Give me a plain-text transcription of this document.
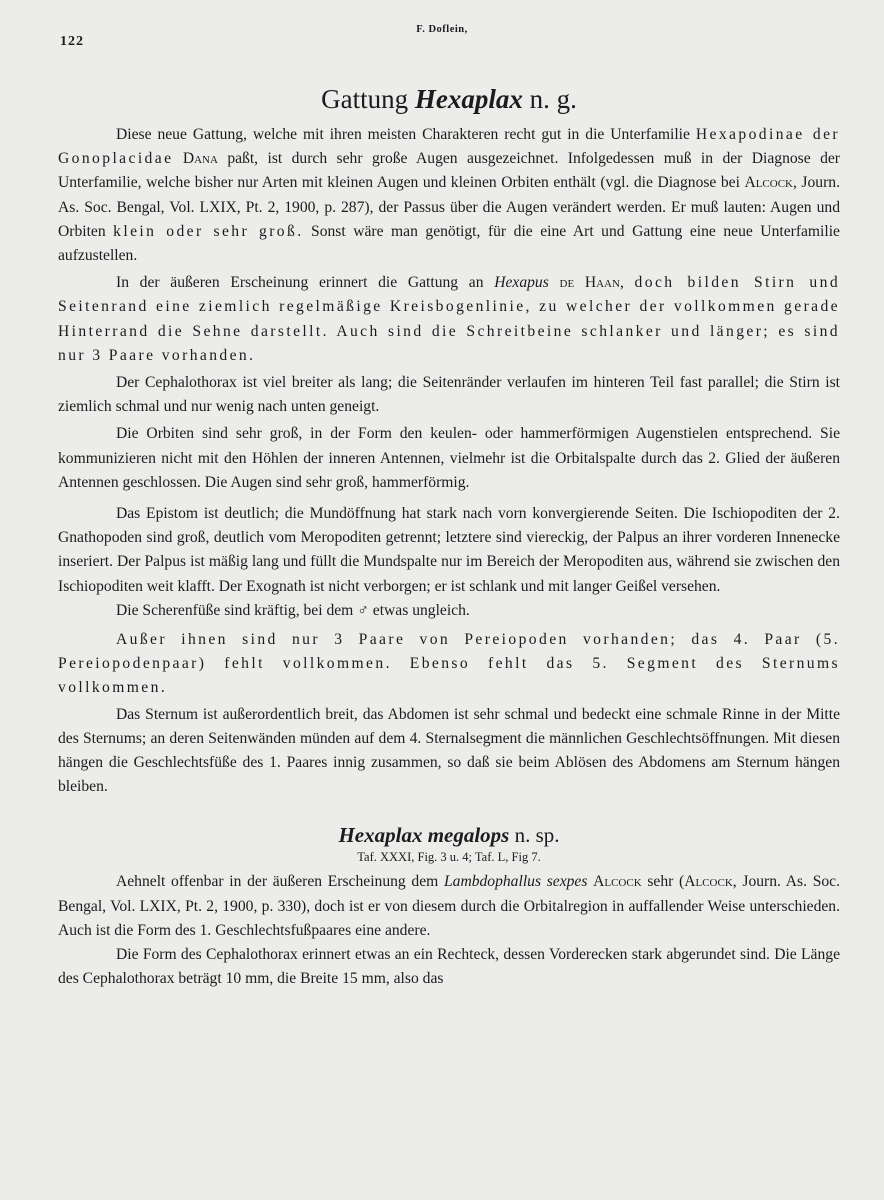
122
F. Doflein,
Gattung Hexaplax n. g.

Diese neue Gattung, welche mit ihren meisten Charakteren recht gut in die Unterfamilie Hexapodinae der Gonoplacidae Dana paßt, ist durch sehr große Augen ausgezeichnet. Infolgedessen muß in der Diagnose der Unterfamilie, welche bisher nur Arten mit kleinen Augen und kleinen Orbiten enthält (vgl. die Diagnose bei Alcock, Journ. As. Soc. Bengal, Vol. LXIX, Pt. 2, 1900, p. 287), der Passus über die Augen verändert werden. Er muß lauten: Augen und Orbiten klein oder sehr groß. Sonst wäre man genötigt, für die eine Art und Gattung eine neue Unterfamilie aufzustellen.

In der äußeren Erscheinung erinnert die Gattung an Hexapus de Haan, doch bilden Stirn und Seitenrand eine ziemlich regelmäßige Kreisbogenlinie, zu welcher der vollkommen gerade Hinterrand die Sehne darstellt. Auch sind die Schreitbeine schlanker und länger; es sind nur 3 Paare vorhanden.

Der Cephalothorax ist viel breiter als lang; die Seitenränder verlaufen im hinteren Teil fast parallel; die Stirn ist ziemlich schmal und nur wenig nach unten geneigt.

Die Orbiten sind sehr groß, in der Form den keulen- oder hammerförmigen Augenstielen entsprechend. Sie kommunizieren nicht mit den Höhlen der inneren Antennen, vielmehr ist die Orbitalspalte durch das 2. Glied der äußeren Antennen geschlossen. Die Augen sind sehr groß, hammerförmig.

Das Epistom ist deutlich; die Mundöffnung hat stark nach vorn konvergierende Seiten. Die Ischiopoditen der 2. Gnathopoden sind groß, deutlich vom Meropoditen getrennt; letztere sind viereckig, der Palpus an ihrer vorderen Innenecke inseriert. Der Palpus ist mäßig lang und füllt die Mundspalte nur im Bereich der Meropoditen aus, während sie zwischen den Ischiopoditen weit klafft. Der Exognath ist nicht verborgen; er ist schlank und mit langer Geißel versehen.

Die Scherenfüße sind kräftig, bei dem ♂ etwas ungleich.

Außer ihnen sind nur 3 Paare von Pereiopoden vorhanden; das 4. Paar (5. Pereiopodenpaar) fehlt vollkommen. Ebenso fehlt das 5. Segment des Sternums vollkommen.

Das Sternum ist außerordentlich breit, das Abdomen ist sehr schmal und bedeckt eine schmale Rinne in der Mitte des Sternums; an deren Seitenwänden münden auf dem 4. Sternalsegment die männlichen Geschlechtsöffnungen. Mit diesen hängen die Geschlechtsfüße des 1. Paares innig zusammen, so daß sie beim Ablösen des Abdomens am Sternum hängen bleiben.

Hexaplax megalops n. sp.
Taf. XXXI, Fig. 3 u. 4; Taf. L, Fig 7.

Aehnelt offenbar in der äußeren Erscheinung dem Lambdophallus sexpes Alcock sehr (Alcock, Journ. As. Soc. Bengal, Vol. LXIX, Pt. 2, 1900, p. 330), doch ist er von diesem durch die Orbitalregion in auffallender Weise unterschieden. Auch ist die Form des 1. Geschlechtsfußpaares eine andere.

Die Form des Cephalothorax erinnert etwas an ein Rechteck, dessen Vorderecken stark abgerundet sind. Die Länge des Cephalothorax beträgt 10 mm, die Breite 15 mm, also das
